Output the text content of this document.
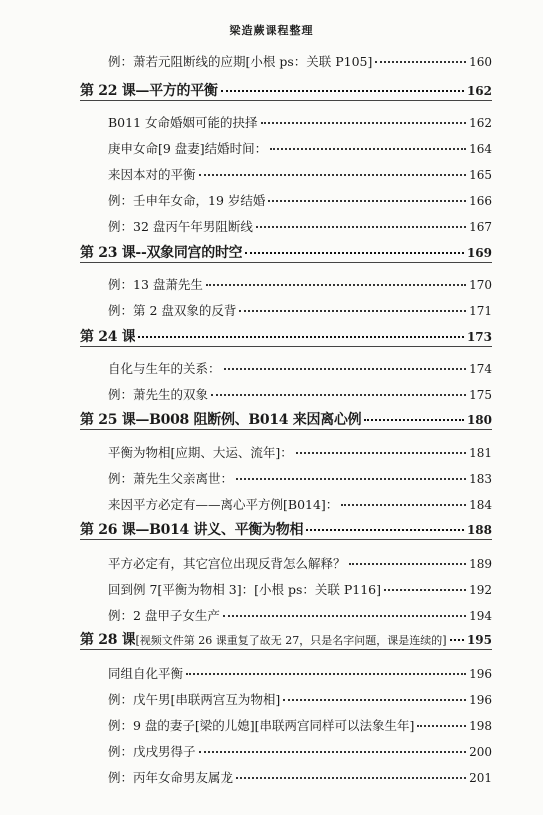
梁造蕨课程整理
例：萧若元阻断线的应期[小根 ps：关联 P105]	160
第 22 课—平方的平衡	162
B011 女命婚姻可能的抉择	162
庚申女命[9 盘妻]结婚时间：	164
来因本对的平衡	165
例：壬申年女命，19 岁结婚	166
例：32 盘丙午年男阻断线	167
第 23 课--双象同宫的时空	169
例：13 盘萧先生	170
例：第 2 盘双象的反背	171
第 24 课	173
自化与生年的关系：	174
例：萧先生的双象	175
第 25 课—B008 阻断例、B014 来因离心例	180
平衡为物相[应期、大运、流年]：	181
例：萧先生父亲离世：	183
来因平方必定有——离心平方例[B014]：	184
第 26 课—B014 讲义、平衡为物相	188
平方必定有，其它宫位出现反背怎么解释？	189
回到例 7[平衡为物相 3]：[小根 ps：关联 P116]	192
例：2 盘甲子女生产	194
第 28 课 [视频文件第 26 课重复了故无 27，只是名字问题，课是连续的] 195
同组自化平衡	196
例：戊午男[串联两宫互为物相]	196
例：9 盘的妻子[梁的儿媳][串联两宫同样可以法象生年]	198
例：戊戌男得子	200
例：丙年女命男友属龙	201
